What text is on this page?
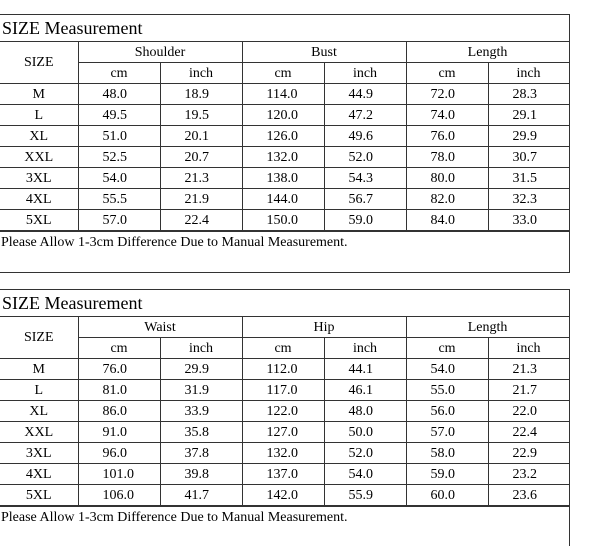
SIZE Measurement
SIZE	Shoulder		Bust		Length	
	cm	inch	cm	inch	cm	inch
M	48.0	18.9	114.0	44.9	72.0	28.3
L	49.5	19.5	120.0	47.2	74.0	29.1
XL	51.0	20.1	126.0	49.6	76.0	29.9
XXL	52.5	20.7	132.0	52.0	78.0	30.7
3XL	54.0	21.3	138.0	54.3	80.0	31.5
4XL	55.5	21.9	144.0	56.7	82.0	32.3
5XL	57.0	22.4	150.0	59.0	84.0	33.0
Please Allow 1-3cm Difference Due to Manual Measurement.
SIZE Measurement
SIZE	Waist		Hip		Length	
	cm	inch	cm	inch	cm	inch
M	76.0	29.9	112.0	44.1	54.0	21.3
L	81.0	31.9	117.0	46.1	55.0	21.7
XL	86.0	33.9	122.0	48.0	56.0	22.0
XXL	91.0	35.8	127.0	50.0	57.0	22.4
3XL	96.0	37.8	132.0	52.0	58.0	22.9
4XL	101.0	39.8	137.0	54.0	59.0	23.2
5XL	106.0	41.7	142.0	55.9	60.0	23.6
Please Allow 1-3cm Difference Due to Manual Measurement.
